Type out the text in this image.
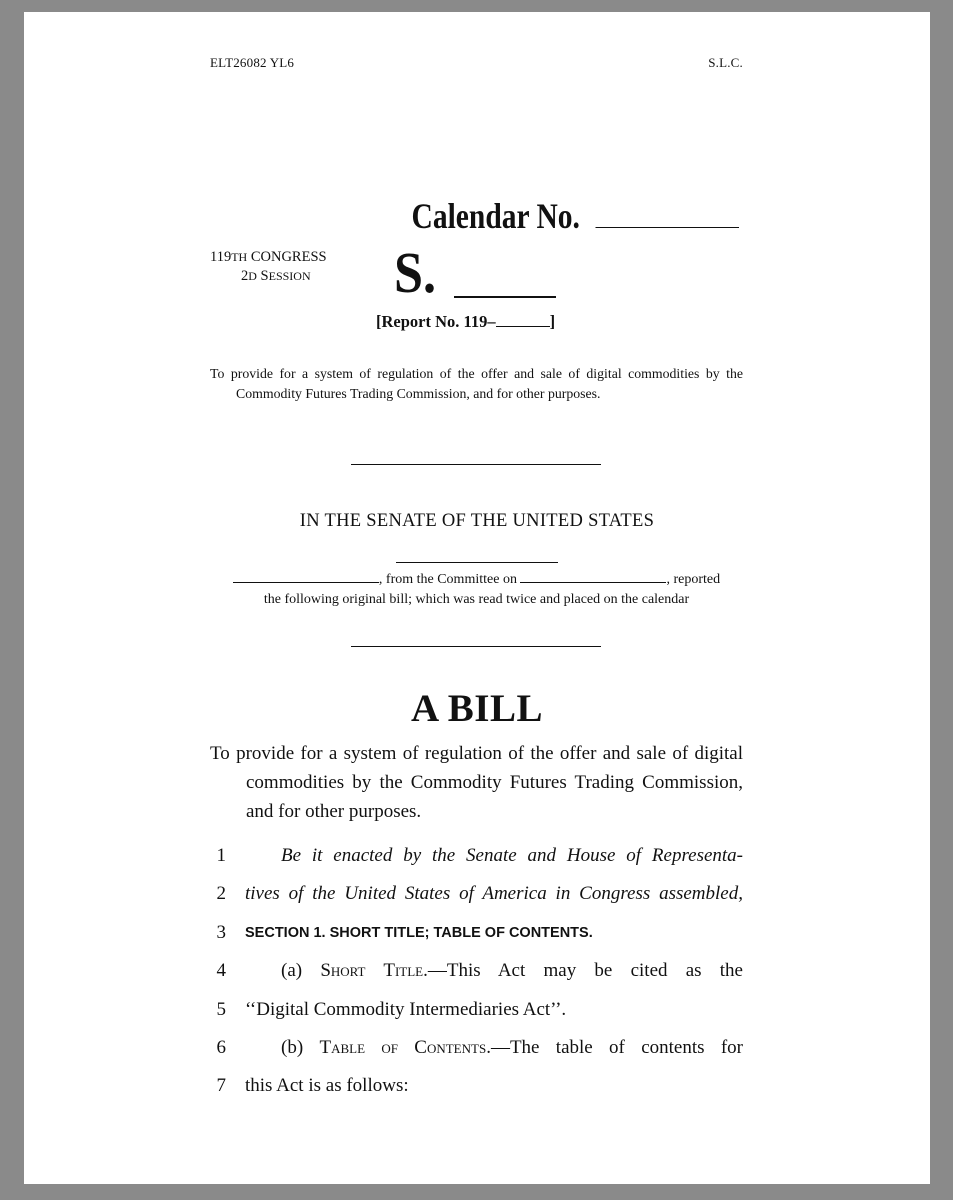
ELT26082 YL6	S.L.C.
Calendar No.
119TH CONGRESS
2D SESSION S.
[Report No. 119–	]

To provide for a system of regulation of the offer and sale of digital commodities by the Commodity Futures Trading Commission, and for other purposes.

IN THE SENATE OF THE UNITED STATES
, from the Committee on	, reported
the following original bill; which was read twice and placed on the calendar
A BILL

To provide for a system of regulation of the offer and sale of digital commodities by the Commodity Futures Trading Commission, and for other purposes.

1	Be it enacted by the Senate and House of Representa-
2 tives of the United States of America in Congress assembled,
3 SECTION 1. SHORT TITLE; TABLE OF CONTENTS.
4	(a) Short Title.—This Act may be cited as the
5 ‘‘Digital Commodity Intermediaries Act’’.
6	(b) Table of Contents.—The table of contents for
7 this Act is as follows:
